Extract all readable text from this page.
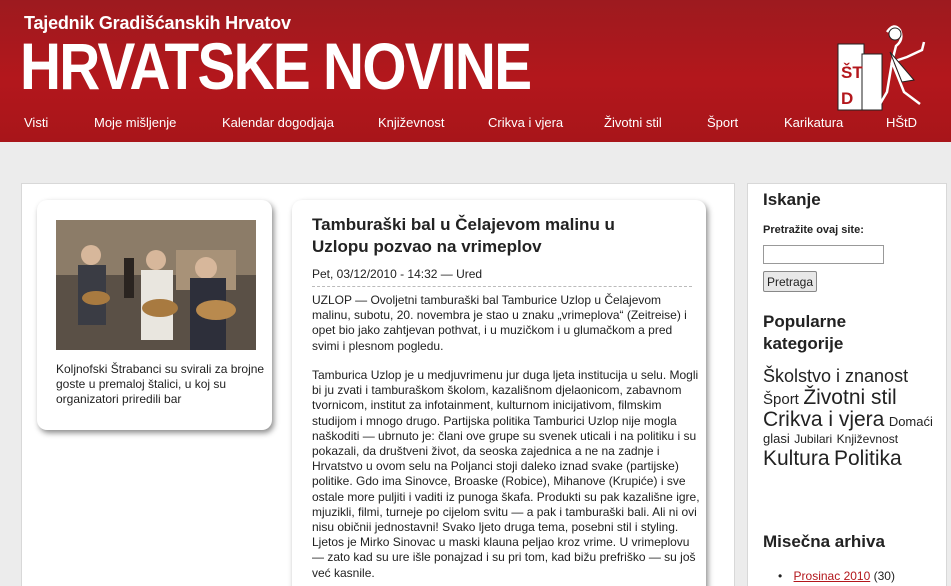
Tajednik Gradišćanskih Hrvatov
HRVATSKE NOVINE	ŠT
D
Visti	Moje mišljenje	Kalendar dogodjaja	Književnost	Crikva i vjera	Životni stil	Šport	Karikatura	HŠtD
Koljnofski Štrabanci su svirali za brojne goste u premaloj štalici, u koj su organizatori priredili bar
Tamburaški bal u Čelajevom malinu u Uzlopu pozvao na vrimeplov
Pet, 03/12/2010 - 14:32 — Ured

UZLOP — Ovoljetni tamburaški bal Tamburice Uzlop u Čelajevom malinu, subotu, 20. novembra je stao u znaku „vrimeplova“ (Zeitreise) i opet bio jako zahtjevan pothvat, i u muzičkom i u glumačkom a pred svimi i plesnom pogledu.

Tamburica Uzlop je u medjuvrimenu jur duga ljeta institucija u selu. Mogli bi ju zvati i tamburaškom školom, kazališnom djelaonicom, zabavnom tvornicom, institut za infotainment, kulturnom inicijativom, filmskim studijom i mnogo drugo. Partijska politika Tamburici Uzlop nije mogla naškoditi — ubrnuto je: člani ove grupe su svenek uticali i na politiku i su pokazali, da društveni život, da seoska zajednica a ne na zadnje i Hrvatstvo u ovom selu na Poljanci stoji daleko iznad svake (partijske) politike. Gdo ima Sinovce, Broaske (Robice), Mihanove (Krupiće) i sve ostale more puljiti i vaditi iz punoga škafa. Produkti su pak kazališne igre, mjuzikli, filmi, turneje po cijelom svitu — a pak i tamburaški bali. Ali ni ovi nisu običnii jednostavni! Svako ljeto druga tema, posebni stil i styling. Ljetos je Mirko Sinovac u maski klauna peljao kroz vrime. U vrimeplovu — zato kad su ure išle ponajzad i su pri tom, kad bižu prefriško — su još već kasnile.

Iskanje
Pretražite ovaj site:
Pretraga
Popularne kategorije
Školstvo i znanost Šport Životni stil Crikva i vjera Domaći glasi Jubilari Književnost Kultura Politika
Misečna arhiva
• Prosinac 2010 (30)
